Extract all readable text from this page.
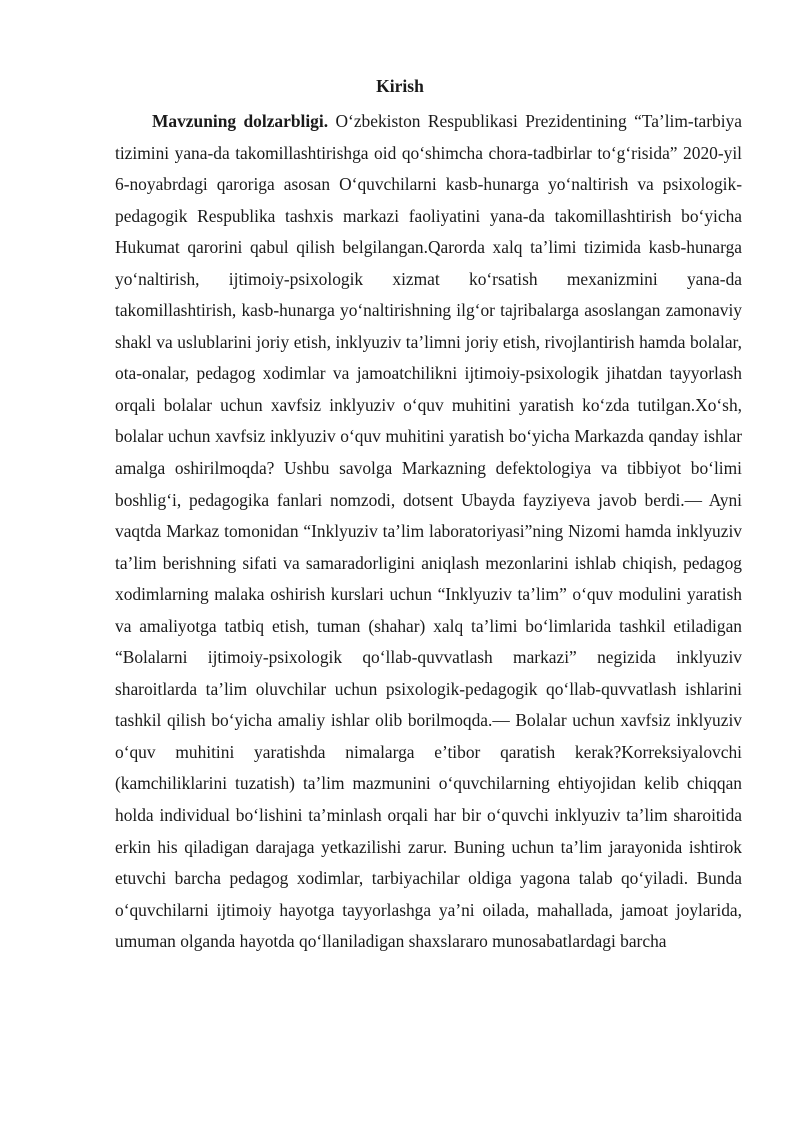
Kirish

Mavzuning dolzarbligi. O‘zbekiston Respublikasi Prezidentining “Ta’lim-tarbiya tizimini yana-da takomillashtirishga oid qo‘shimcha chora-tadbirlar to‘g‘risida” 2020-yil 6-noyabrdagi qaroriga asosan O‘quvchilarni kasb-hunarga yo‘naltirish va psixologik-pedagogik Respublika tashxis markazi faoliyatini yana-da takomillashtirish bo‘yicha Hukumat qarorini qabul qilish belgilangan.Qarorda xalq ta’limi tizimida kasb-hunarga yo‘naltirish, ijtimoiy-psixologik xizmat ko‘rsatish mexanizmini yana-da takomillashtirish, kasb-hunarga yo‘naltirishning ilg‘or tajribalarga asoslangan zamonaviy shakl va uslublarini joriy etish, inklyuziv ta’limni joriy etish, rivojlantirish hamda bolalar, ota-onalar, pedagog xodimlar va jamoatchilikni ijtimoiy-psixologik jihatdan tayyorlash orqali bolalar uchun xavfsiz inklyuziv o‘quv muhitini yaratish ko‘zda tutilgan.Xo‘sh, bolalar uchun xavfsiz inklyuziv o‘quv muhitini yaratish bo‘yicha Markazda qanday ishlar amalga oshirilmoqda? Ushbu savolga Markazning defektologiya va tibbiyot bo‘limi boshlig‘i, pedagogika fanlari nomzodi, dotsent Ubayda fayziyeva javob berdi.— Ayni vaqtda Markaz tomonidan “Inklyuziv ta’lim laboratoriyasi”ning Nizomi hamda inklyuziv ta’lim berishning sifati va samaradorligini aniqlash mezonlarini ishlab chiqish, pedagog xodimlarning malaka oshirish kurslari uchun “Inklyuziv ta’lim” o‘quv modulini yaratish va amaliyotga tatbiq etish, tuman (shahar) xalq ta’limi bo‘limlarida tashkil etiladigan “Bolalarni ijtimoiy-psixologik qo‘llab-quvvatlash markazi” negizida inklyuziv sharoitlarda ta’lim oluvchilar uchun psixologik-pedagogik qo‘llab-quvvatlash ishlarini tashkil qilish bo‘yicha amaliy ishlar olib borilmoqda.— Bolalar uchun xavfsiz inklyuziv o‘quv muhitini yaratishda nimalarga e’tibor qaratish kerak?Korreksiyalovchi (kamchiliklarini tuzatish) ta’lim mazmunini o‘quvchilarning ehtiyojidan kelib chiqqan holda individual bo‘lishini ta’minlash orqali har bir o‘quvchi inklyuziv ta’lim sharoitida erkin his qiladigan darajaga yetkazilishi zarur. Buning uchun ta’lim jarayonida ishtirok etuvchi barcha pedagog xodimlar, tarbiyachilar oldiga yagona talab qo‘yiladi. Bunda o‘quvchilarni ijtimoiy hayotga tayyorlashga ya’ni oilada, mahallada, jamoat joylarida, umuman olganda hayotda qo‘llaniladigan shaxslararo munosabatlardagi barcha
